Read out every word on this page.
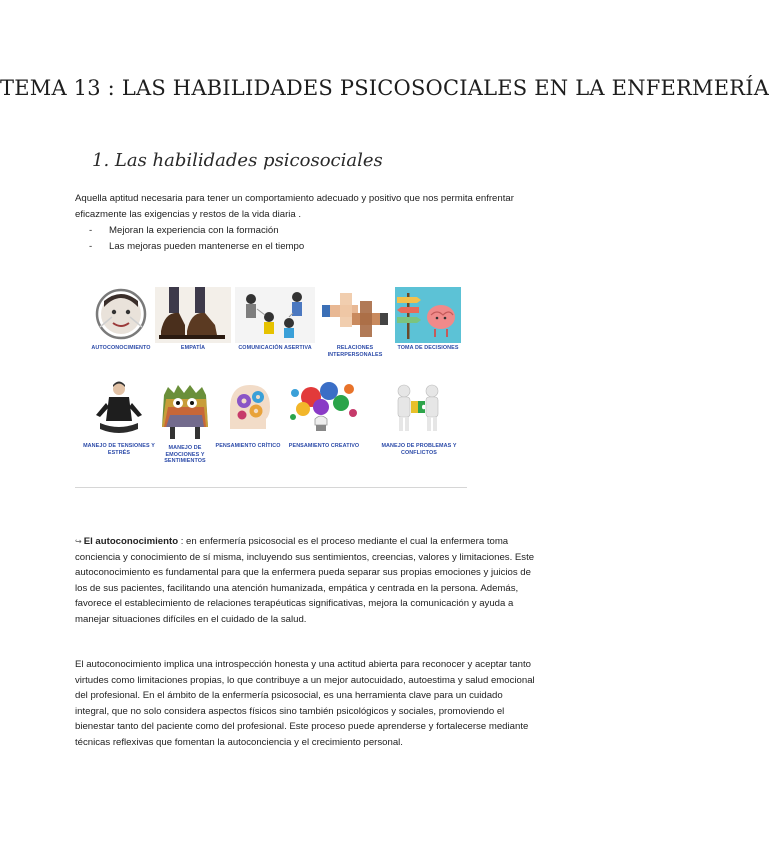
TEMA 13 : LAS HABILIDADES PSICOSOCIALES EN LA ENFERMERÍA
1. Las habilidades psicosociales

Aquella aptitud necesaria para tener un comportamiento adecuado y positivo que nos permita enfrentar eficazmente las exigencias y restos de la vida diaria .

- Mejoran la experiencia con la formación
- Las mejoras pueden mantenerse en el tiempo
AUTOCONOCIMIENTO	EMPATÍA	COMUNICACIÓN ASERTIVA	RELACIONES INTERPERSONALES
TOMA DE DECISIONES
MANEJO DE TENSIONES Y ESTRÉS
MANEJO DE EMOCIONES Y SENTIMIENTOS
PENSAMIENTO CRÍTICO PENSAMIENTO CREATIVO	MANEJO DE PROBLEMAS Y CONFLICTOS

↪ El autoconocimiento : en enfermería psicosocial es el proceso mediante el cual la enfermera toma conciencia y conocimiento de sí misma, incluyendo sus sentimientos, creencias, valores y limitaciones. Este autoconocimiento es fundamental para que la enfermera pueda separar sus propias emociones y juicios de los de sus pacientes, facilitando una atención humanizada, empática y centrada en la persona. Además, favorece el establecimiento de relaciones terapéuticas significativas, mejora la comunicación y ayuda a manejar situaciones difíciles en el cuidado de la salud.

El autoconocimiento implica una introspección honesta y una actitud abierta para reconocer y aceptar tanto virtudes como limitaciones propias, lo que contribuye a un mejor autocuidado, autoestima y salud emocional del profesional. En el ámbito de la enfermería psicosocial, es una herramienta clave para un cuidado integral, que no solo considera aspectos físicos sino también psicológicos y sociales, promoviendo el bienestar tanto del paciente como del profesional. Este proceso puede aprenderse y fortalecerse mediante técnicas reflexivas que fomentan la autoconciencia y el crecimiento personal.
